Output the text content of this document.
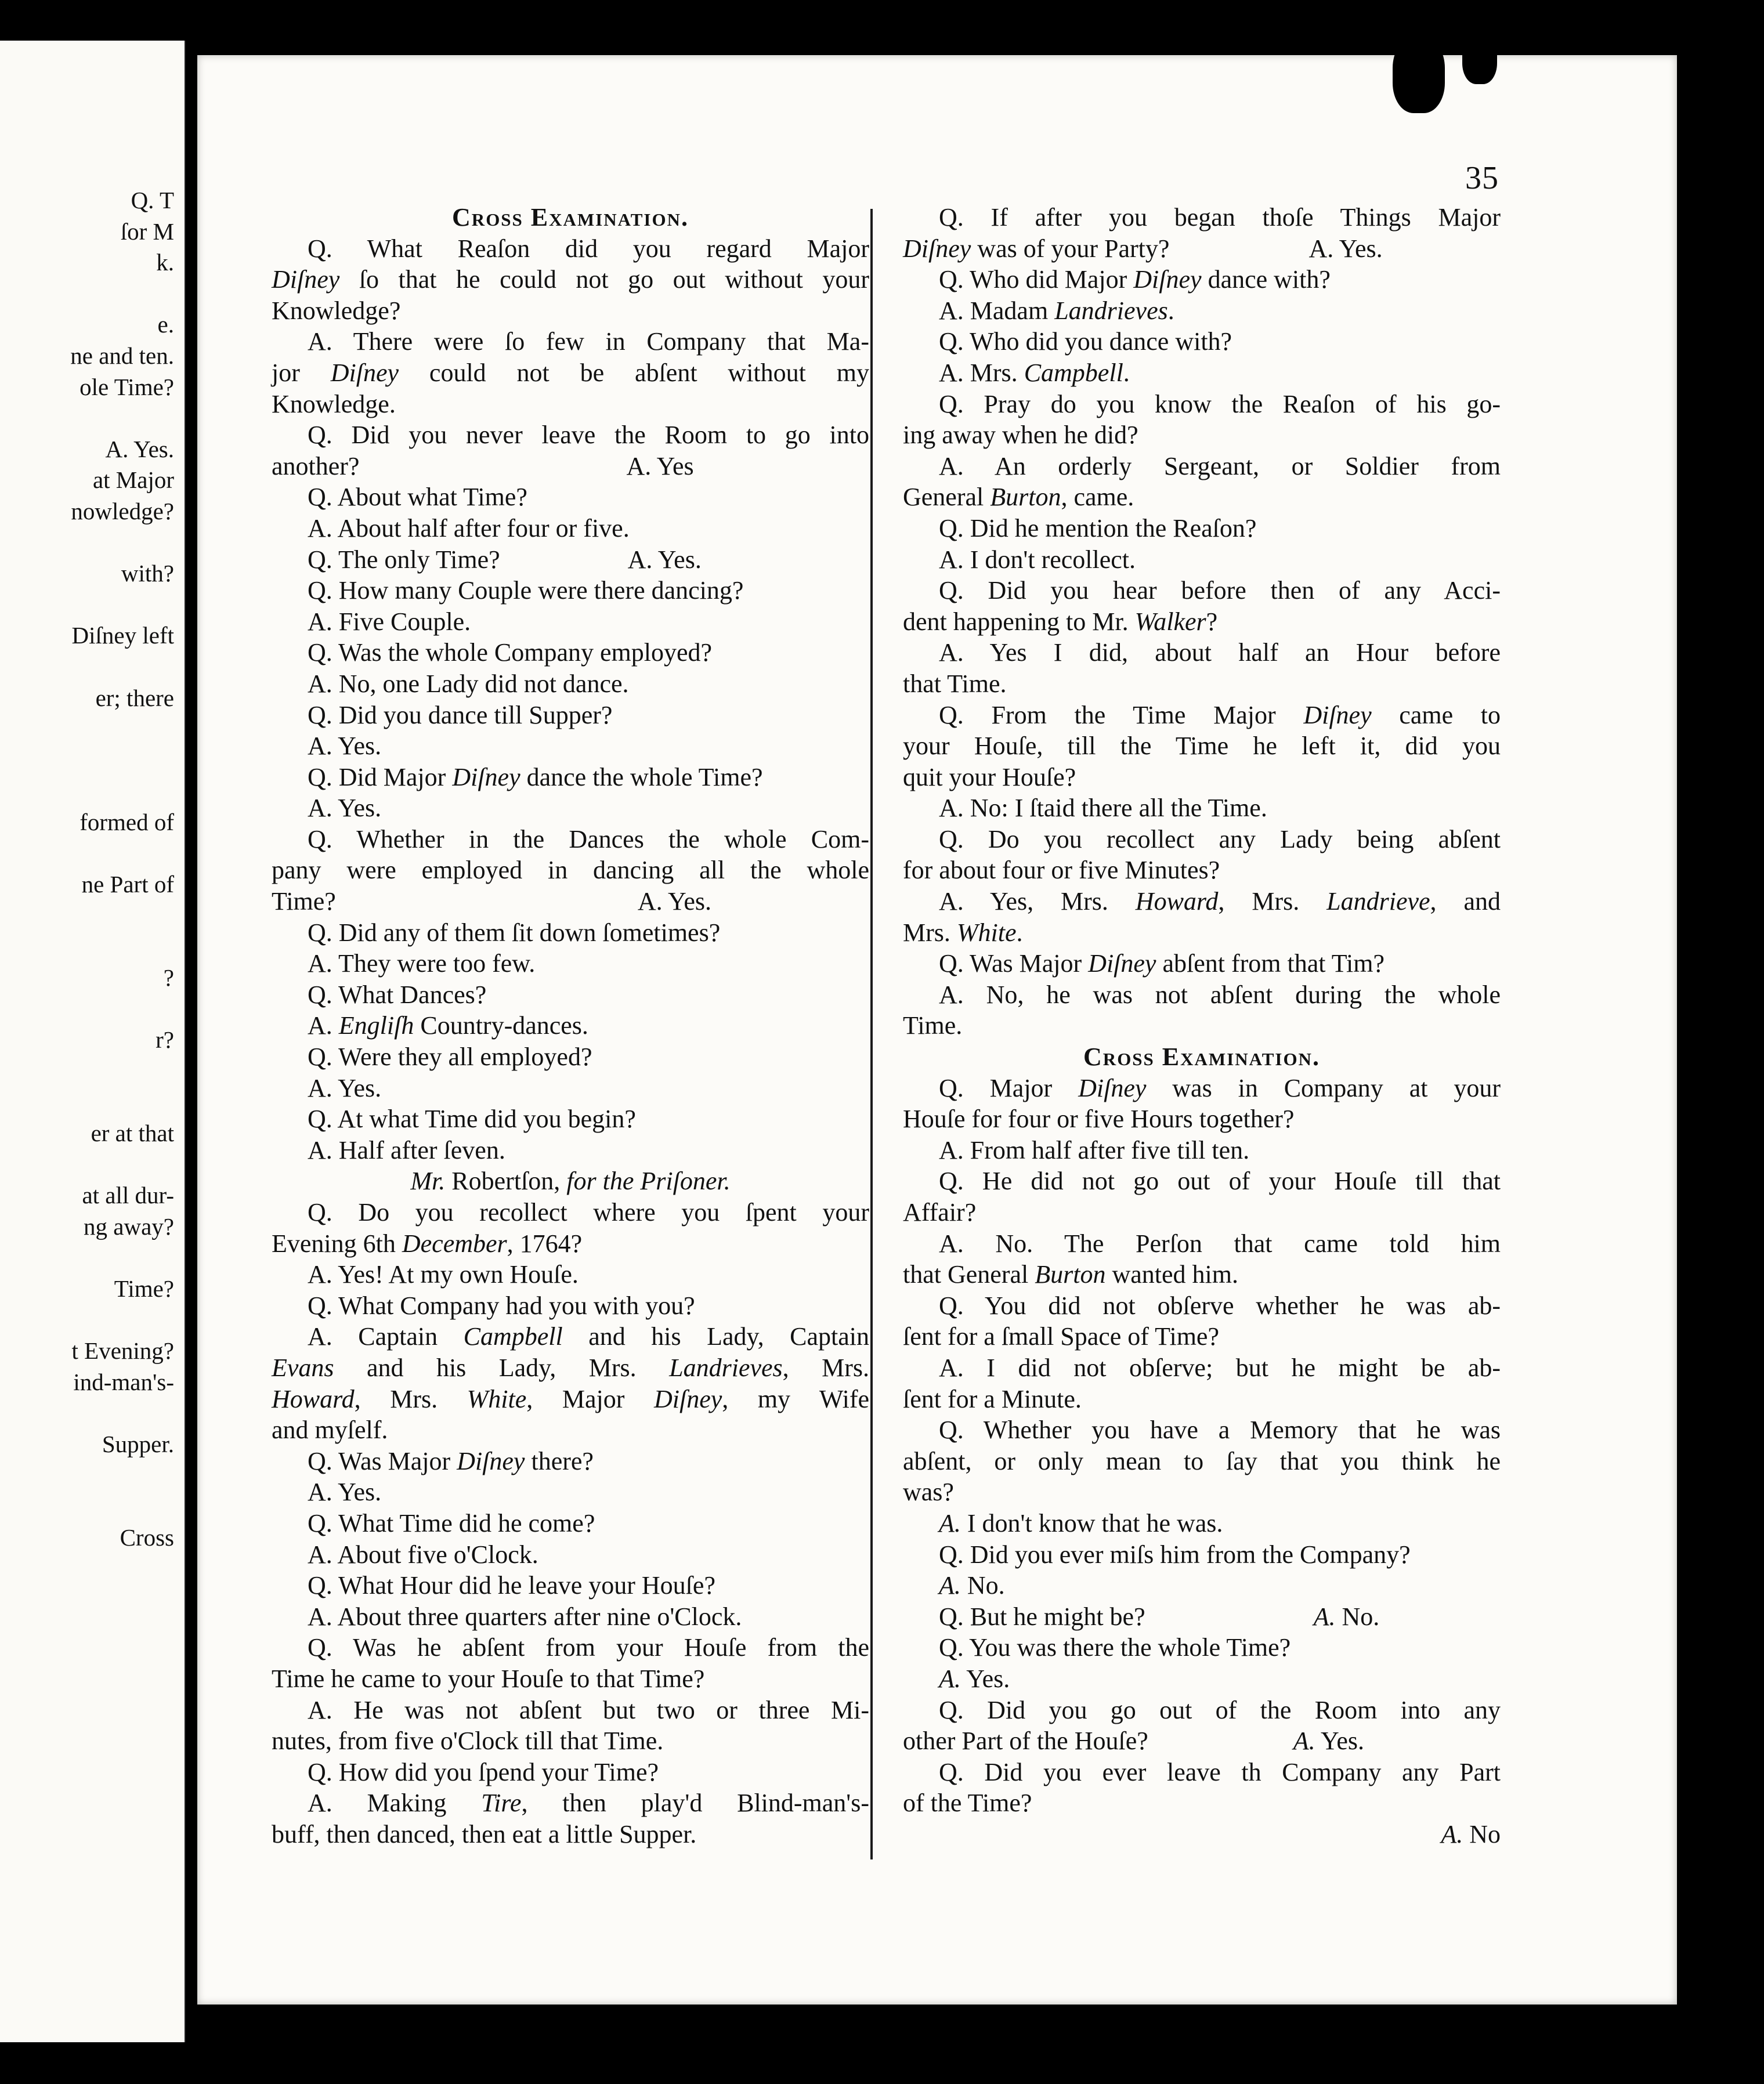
Q. T
ſor M
k.
e.
ne and ten.
ole Time?
A. Yes.
at Major
nowledge?
with?
Diſney left
er; there
formed of
ne Part of
?
r?
er at that
at all dur-
ng away?
Time?
t Evening?
ind-man's-
Supper.
Cross
35
Cross Examination.
Q. What Reaſon did you regard Major
Diſney ſo that he could not go out without your
Knowledge?
A. There were ſo few in Company that Ma-
jor Diſney could not be abſent without my
Knowledge.
Q. Did you never leave the Room to go into
another?	A. Yes
Q. About what Time?
A. About half after four or five.
Q. The only Time?	A. Yes.
Q. How many Couple were there dancing?
A. Five Couple.
Q. Was the whole Company employed?
A. No, one Lady did not dance.
Q. Did you dance till Supper?
A. Yes.
Q. Did Major Diſney dance the whole Time?
A. Yes.
Q. Whether in the Dances the whole Com-
pany were employed in dancing all the whole
Time?	A. Yes.
Q. Did any of them ſit down ſometimes?
A. They were too few.
Q. What Dances?
A. Engliſh Country-dances.
Q. Were they all employed?
A. Yes.
Q. At what Time did you begin?
A. Half after ſeven.
Mr. Robertſon, for the Priſoner.
Q. Do you recollect where you ſpent your
Evening 6th December, 1764?
A. Yes! At my own Houſe.
Q. What Company had you with you?
A. Captain Campbell and his Lady, Captain
Evans and his Lady, Mrs. Landrieves, Mrs.
Howard, Mrs. White, Major Diſney, my Wife
and myſelf.
Q. Was Major Diſney there?
A. Yes.
Q. What Time did he come?
A. About five o'Clock.
Q. What Hour did he leave your Houſe?
A. About three quarters after nine o'Clock.
Q. Was he abſent from your Houſe from the
Time he came to your Houſe to that Time?
A. He was not abſent but two or three Mi-
nutes, from five o'Clock till that Time.
Q. How did you ſpend your Time?
A. Making Tire, then play'd Blind-man's-
buff, then danced, then eat a little Supper.
Q. If after you began thoſe Things Major
Diſney was of your Party?	A. Yes.
Q. Who did Major Diſney dance with?
A. Madam Landrieves.
Q. Who did you dance with?
A. Mrs. Campbell.
Q. Pray do you know the Reaſon of his go-
ing away when he did?
A. An orderly Sergeant, or Soldier from
General Burton, came.
Q. Did he mention the Reaſon?
A. I don't recollect.
Q. Did you hear before then of any Acci-
dent happening to Mr. Walker?
A. Yes I did, about half an Hour before
that Time.
Q. From the Time Major Diſney came to
your Houſe, till the Time he left it, did you
quit your Houſe?
A. No: I ſtaid there all the Time.
Q. Do you recollect any Lady being abſent
for about four or five Minutes?
A. Yes, Mrs. Howard, Mrs. Landrieve, and
Mrs. White.
Q. Was Major Diſney abſent from that Tim?
A. No, he was not abſent during the whole
Time.
Cross Examination.
Q. Major Diſney was in Company at your
Houſe for four or five Hours together?
A. From half after five till ten.
Q. He did not go out of your Houſe till that
Affair?
A. No. The Perſon that came told him
that General Burton wanted him.
Q. You did not obſerve whether he was ab-
ſent for a ſmall Space of Time?
A. I did not obſerve; but he might be ab-
ſent for a Minute.
Q. Whether you have a Memory that he was
abſent, or only mean to ſay that you think he
was?
A. I don't know that he was.
Q. Did you ever miſs him from the Company?
A. No.
Q. But he might be?	A. No.
Q. You was there the whole Time?
A. Yes.
Q. Did you go out of the Room into any
other Part of the Houſe?	A. Yes.
Q. Did you ever leave th Company any Part
of the Time?
A. No
